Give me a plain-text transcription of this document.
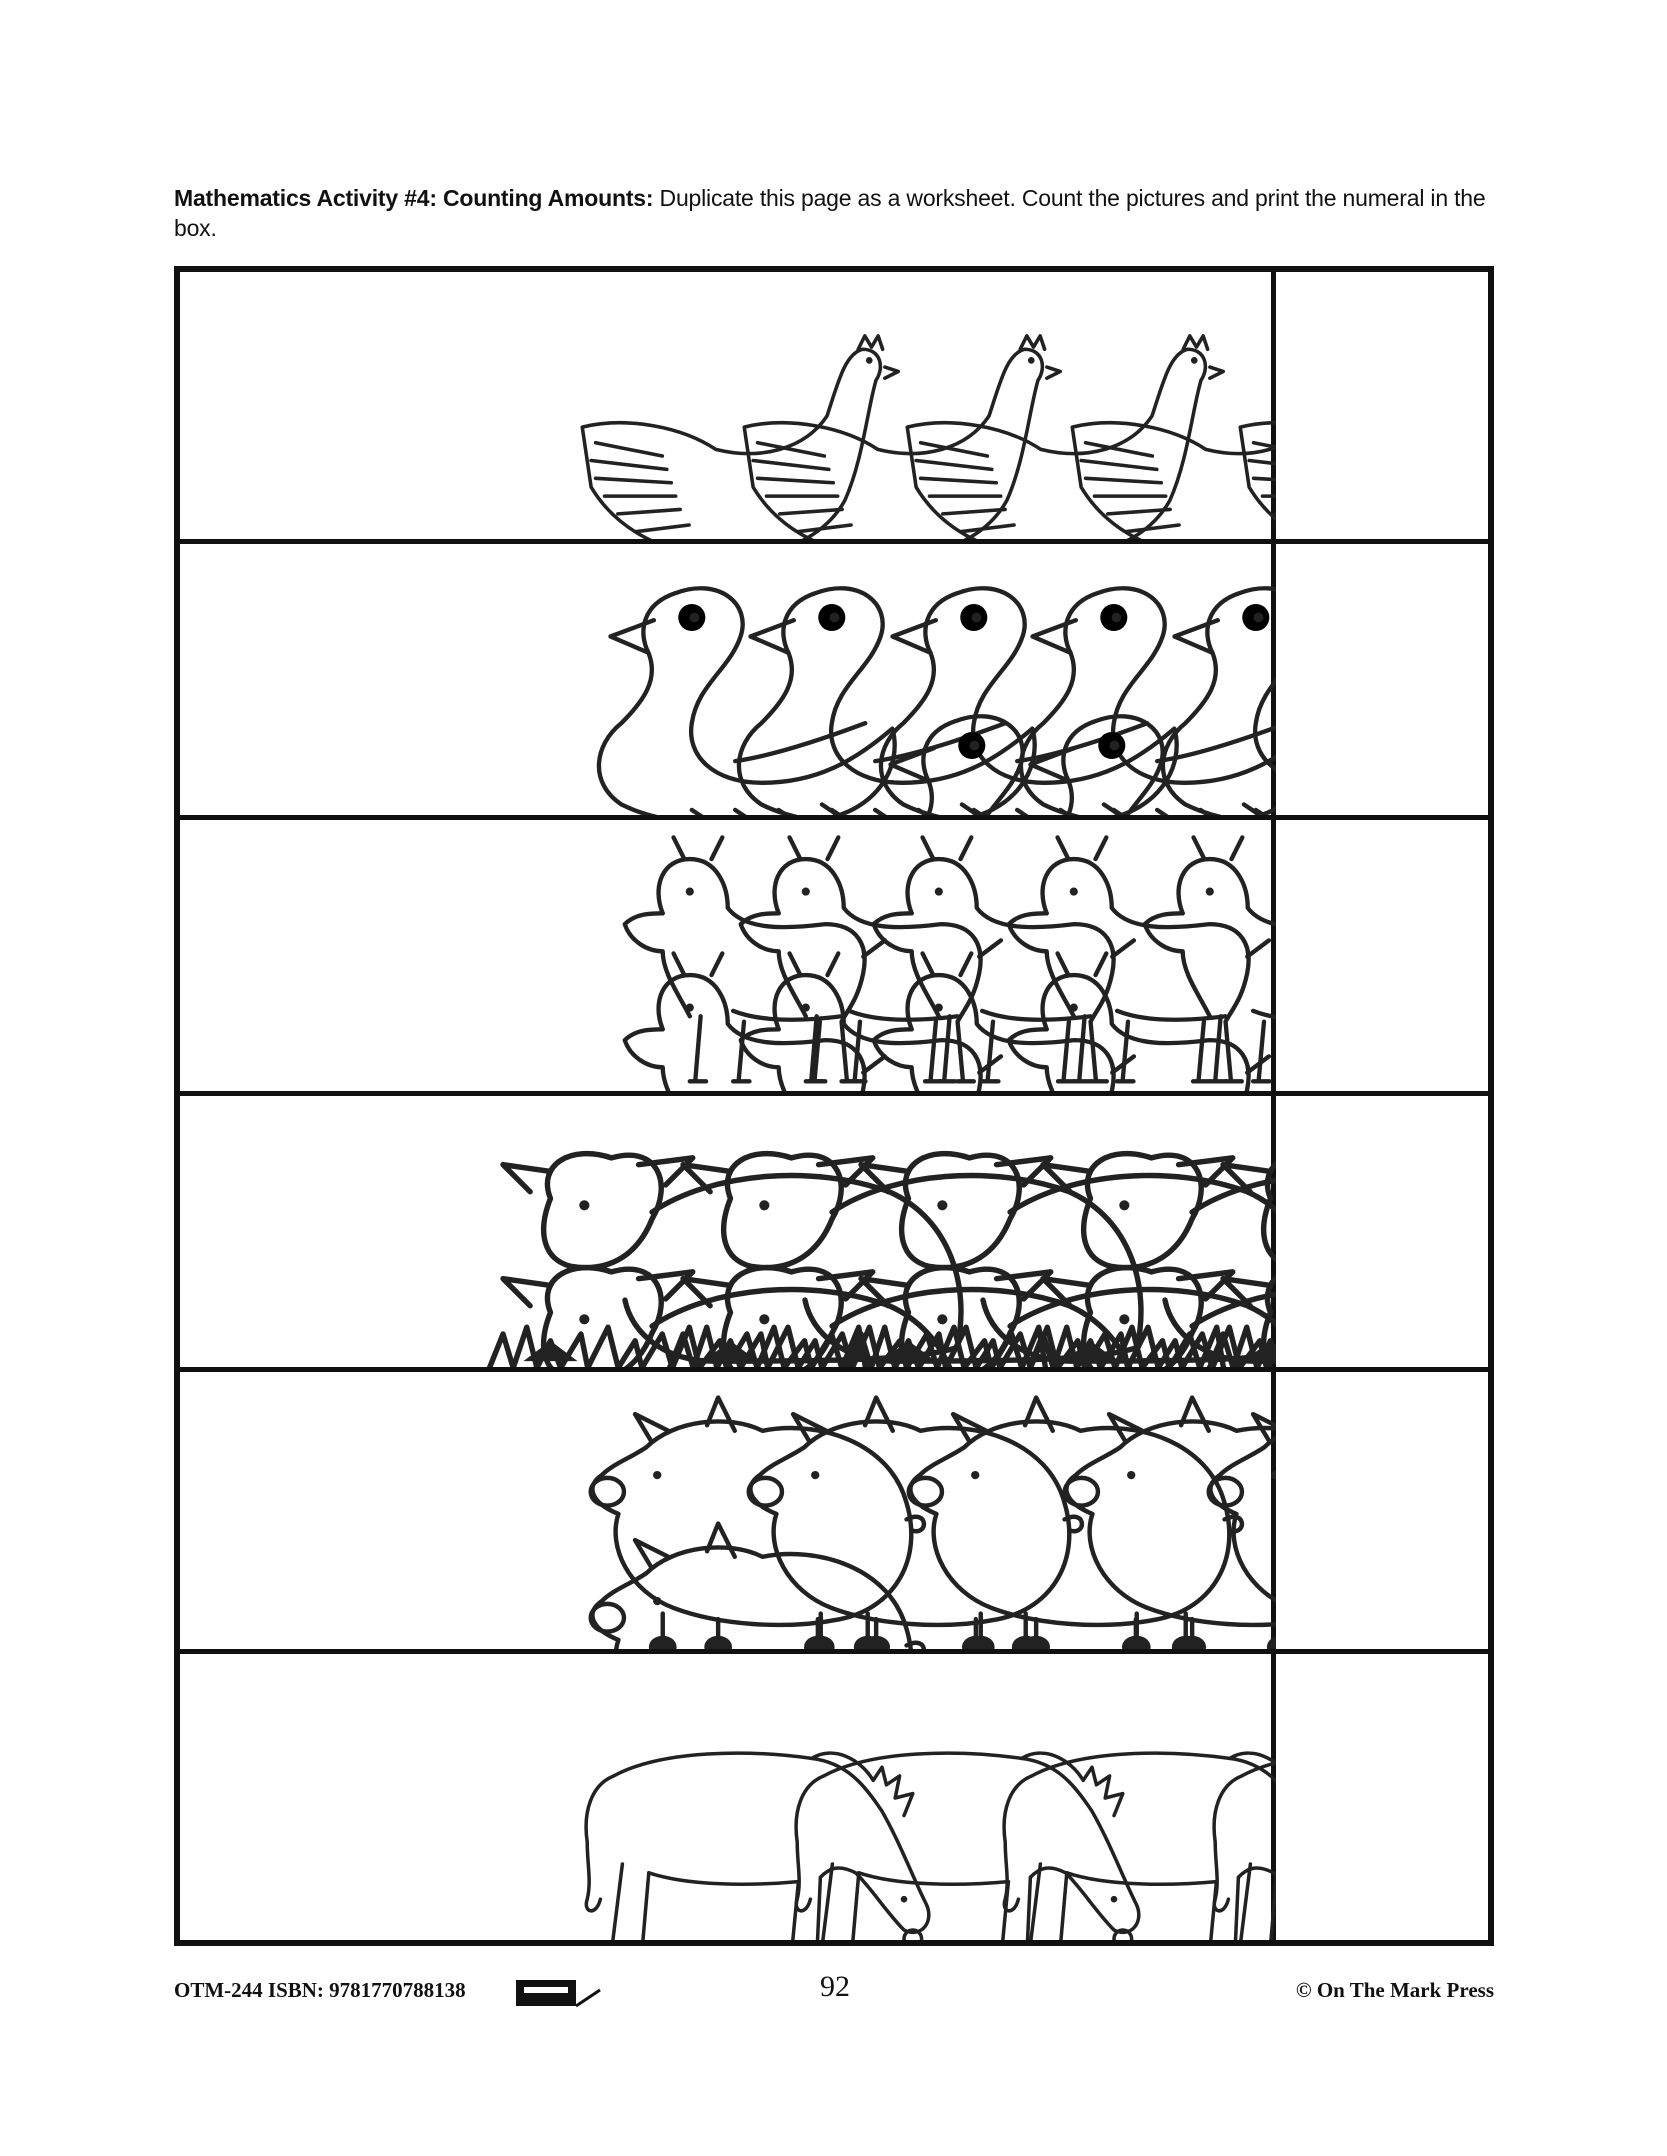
Mathematics Activity #4: Counting Amounts: Duplicate this page as a worksheet. Count the pictures and print the numeral in the box.
OTM-244 ISBN: 9781770788138	92	© On The Mark Press
